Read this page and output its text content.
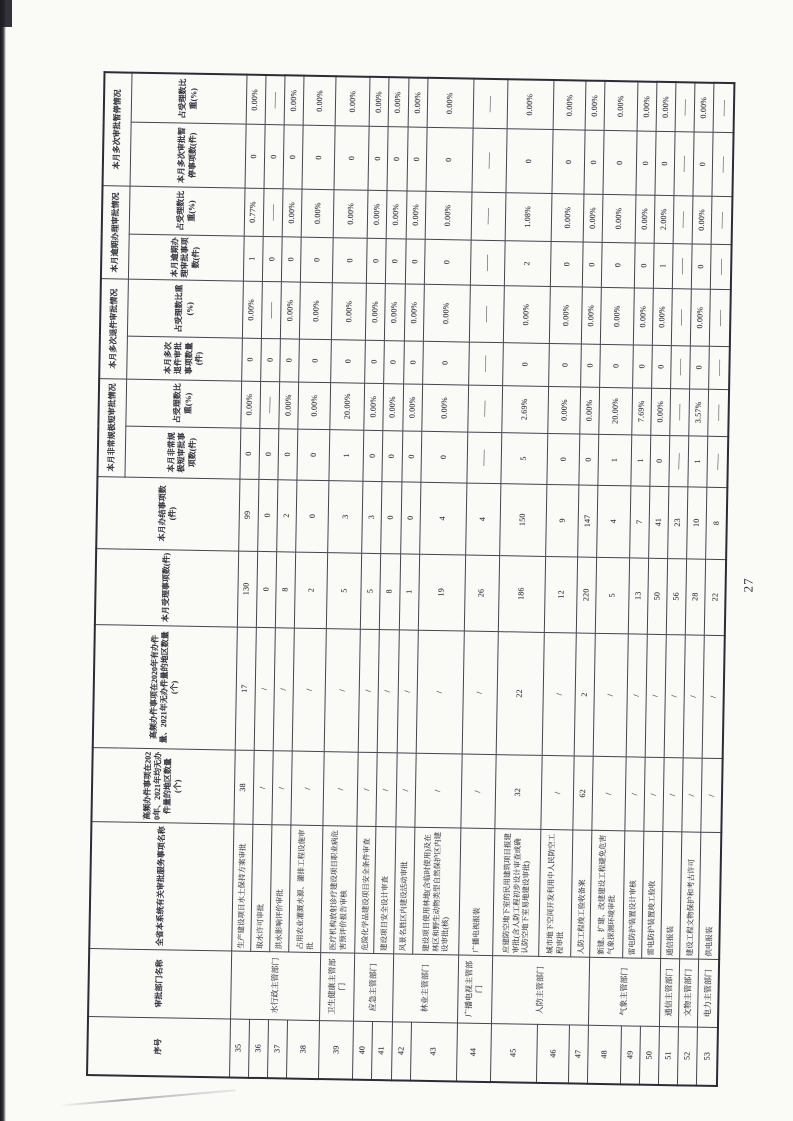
序号	审批部门名称	全省本系统有关审批服务事项名称	高频办件事项在2020年、2021年均无办件量的地区数量(个)	高频办件事项在2020年有办件量、2021年无办件量的地区数量(个)	本月受理事项数(件)	本月办结事项数(件)	本月非常规极短审批情况		本月多次退件审批情况		本月逾期办理审批情况		本月多次审批暂停情况	
							本月非常规极短审批事项数(件)	占受理数比重(%)	本月多次退件审批事项数量(件)	占受理数比重(%)	本月逾期办理审批事项数(件)	占受理数比重(%)	本月多次审批暂停事项数(件)	占受理数比重(%)
35	水行政主管部门	生产建设项目水土保持方案审批	38	17	130	99	0	0.00%	0	0.00%	1	0.77%	0	0.00%
36		取水许可审批	/	/	0	0	0	——	0	——	0	——	0	——
37		洪水影响评价审批	/	/	8	2	0	0.00%	0	0.00%	0	0.00%	0	0.00%
38		占用农业灌溉水源、灌排工程设施审批	/	/	2	0	0	0.00%	0	0.00%	0	0.00%	0	0.00%
39	卫生健康主管部门	医疗机构放射诊疗建设项目职业病危害预评价报告审核	/	/	5	3	1	20.00%	0	0.00%	0	0.00%	0	0.00%
40	应急主管部门	危险化学品建设项目安全条件审查	/	/	5	3	0	0.00%	0	0.00%	0	0.00%	0	0.00%
41		建设项目安全设计审查	/	/	8	0	0	0.00%	0	0.00%	0	0.00%	0	0.00%
42	林业主管部门	风景名胜区内建设活动审批	/	/	1	0	0	0.00%	0	0.00%	0	0.00%	0	0.00%
43		建设项目使用林地(含临时使用)及在林区和野生动物类型自然保护区内建设审批(核)	/	/	19	4	0	0.00%	0	0.00%	0	0.00%	0	0.00%
44	广播电视主管部门	广播电视报装	/	/	26	4	——	——	——	——	——	——	——	——
45	人防主管部门	应建防空地下室的民用建筑项目报建审批(含人防工程初步设计审查或确认防空地下室易地建设审批)	32	22	186	150	5	2.69%	0	0.00%	2	1.08%	0	0.00%
46		城市地下空间开发利用中人民防空工程审批	/	/	12	9	0	0.00%	0	0.00%	0	0.00%	0	0.00%
47		人防工程竣工验收备案	62	2	220	147	0	0.00%	0	0.00%	0	0.00%	0	0.00%
48	气象主管部门	新建、扩建、改建建设工程避免危害气象探测环境审批	/	/	5	4	1	20.00%	0	0.00%	0	0.00%	0	0.00%
49		雷电防护装置设计审核	/	/	13	7	1	7.69%	0	0.00%	0	0.00%	0	0.00%
50		雷电防护装置竣工验收	/	/	50	41	0	0.00%	0	0.00%	1	2.00%	0	0.00%
51	通信主管部门	通信报装	/	/	56	23	——	——	——	——	——	——	——	——
52	文物主管部门	建设工程文物保护和考古许可	/	/	28	10	1	3.57%	0	0.00%	0	0.00%	0	0.00%
53	电力主管部门	供电报装	/	/	22	8	——	——	——	——	——	——	——	——
27
